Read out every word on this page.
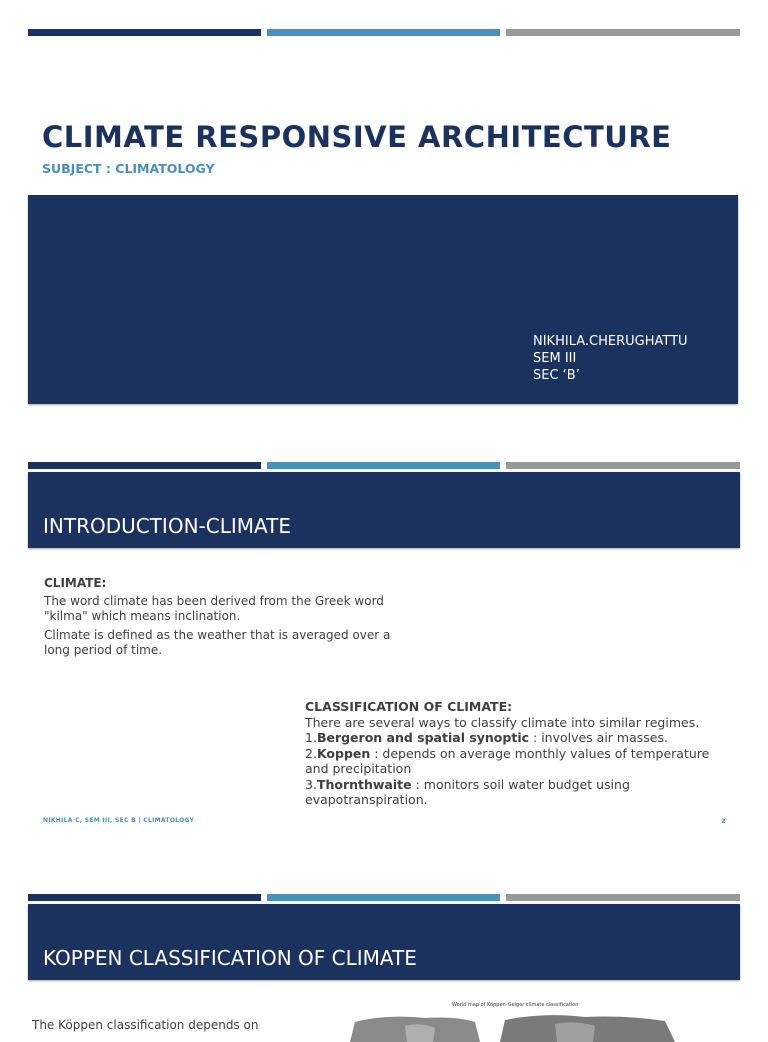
CLIMATE RESPONSIVE ARCHITECTURE
SUBJECT : CLIMATOLOGY
NIKHILA.CHERUGHATTU
SEM III
SEC ‘B’
INTRODUCTION-CLIMATE
CLIMATE:

The word climate has been derived from the Greek word "kilma" which means inclination.

Climate is defined as the weather that is averaged over a long period of time.

CLASSIFICATION OF CLIMATE:
There are several ways to classify climate into similar regimes.
1.Bergeron and spatial synoptic : involves air masses.
2.Koppen : depends on average monthly values of temperature and precipitation
3.Thornthwaite : monitors soil water budget using evapotranspiration.
NIKHILA C, SEM III, SEC B | CLIMATOLOGY	2
KOPPEN CLASSIFICATION OF CLIMATE
The Köppen classification depends on
World map of Köppen-Geiger climate classification
